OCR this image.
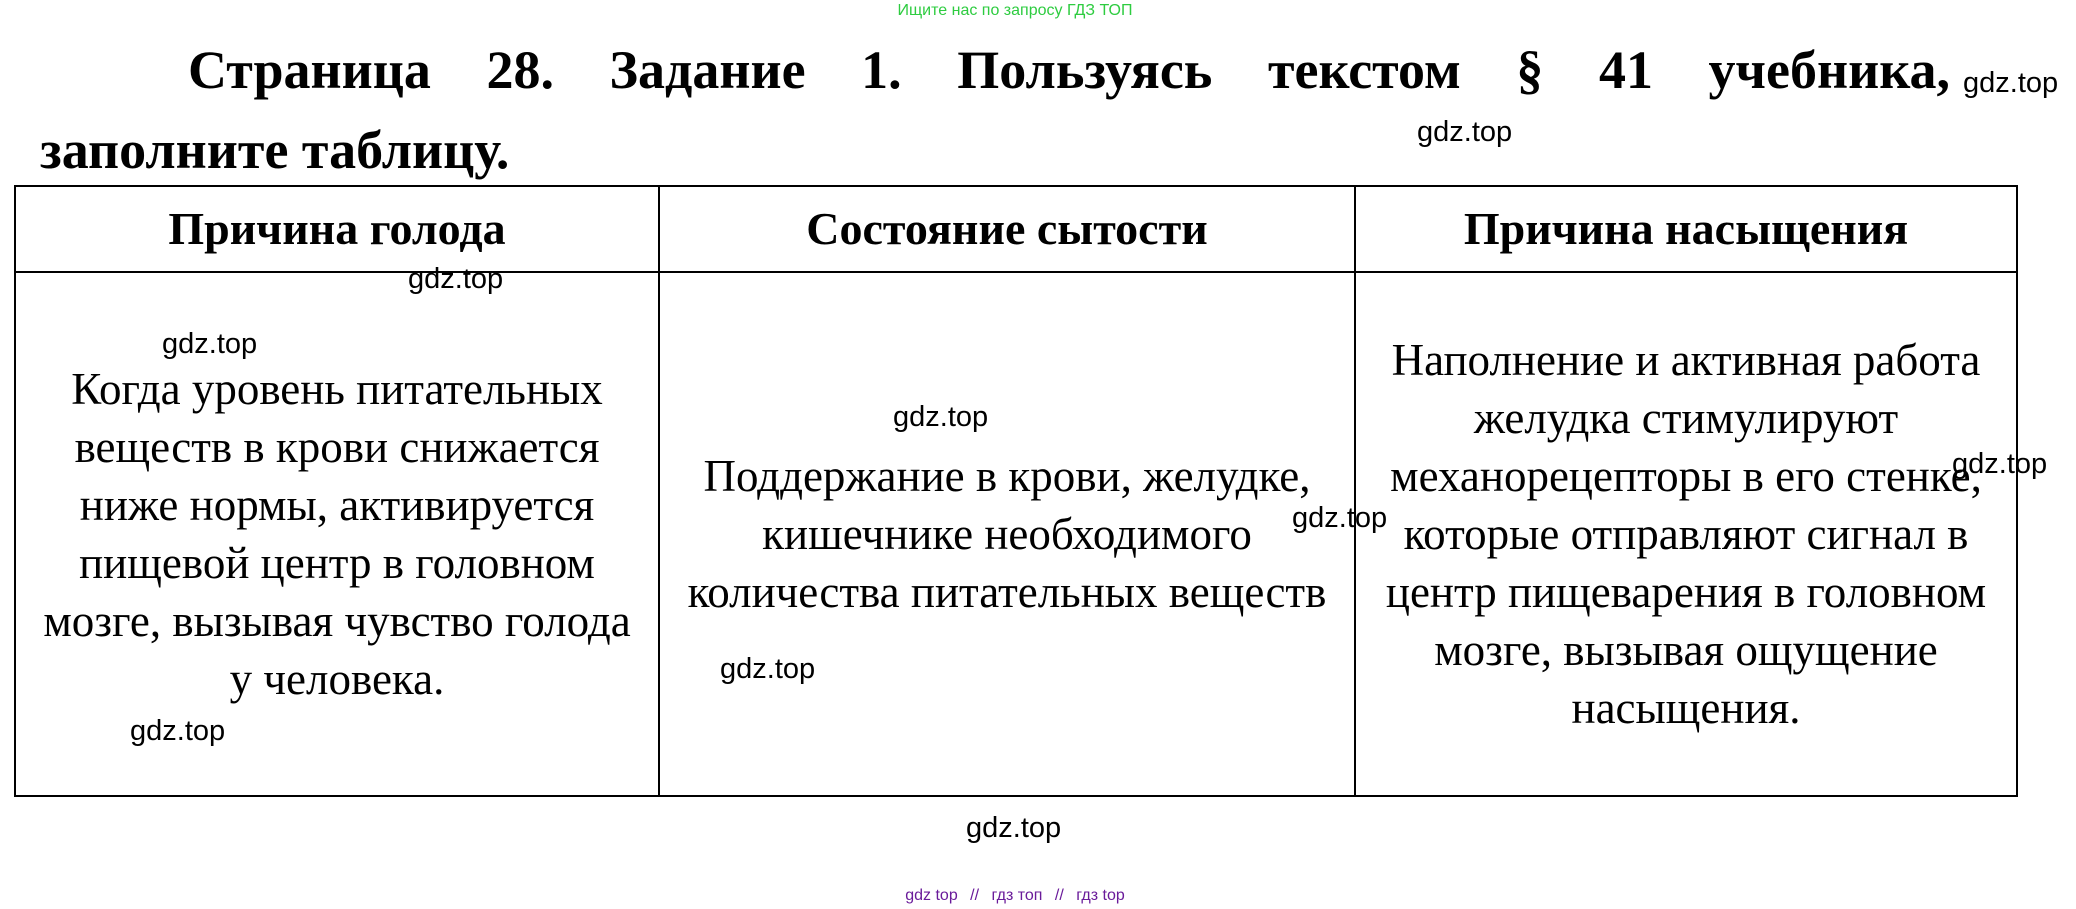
Ищите нас по запросу ГДЗ ТОП
Страница 28. Задание 1. Пользуясь текстом § 41 учебника,
заполните таблицу.
Причина голода	Состояние сытости	Причина насыщения
Когда уровень питательных веществ в крови снижается ниже нормы, активируется пищевой центр в головном мозге, вызывая чувство голода у человека.	Поддержание в крови, желудке, кишечнике необходимого количества питательных веществ	Наполнение и активная работа желудка стимулируют механорецепторы в его стенке, которые отправляют сигнал в центр пищеварения в головном мозге, вызывая ощущение насыщения.
gdz.top
gdz.top
gdz.top
gdz.top
gdz.top
gdz.top
gdz.top
gdz.top
gdz.top
gdz.top
gdz top // гдз топ // гдз top
